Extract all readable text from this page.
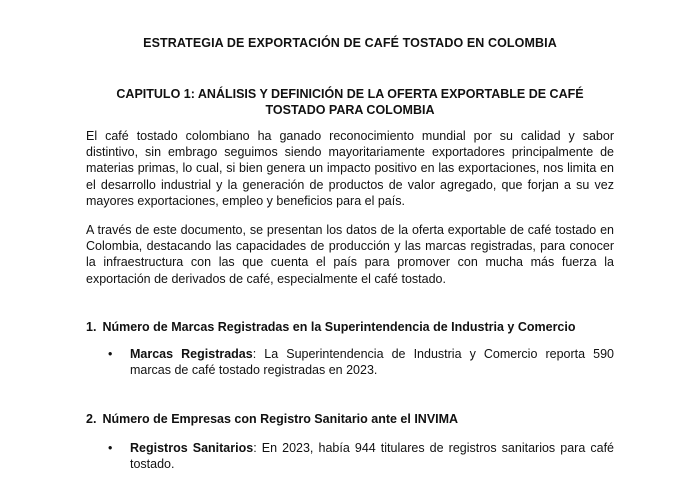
ESTRATEGIA DE EXPORTACIÓN DE CAFÉ TOSTADO EN COLOMBIA
CAPITULO 1: ANÁLISIS Y DEFINICIÓN DE LA OFERTA EXPORTABLE DE CAFÉ TOSTADO PARA COLOMBIA

El café tostado colombiano ha ganado reconocimiento mundial por su calidad y sabor distintivo, sin embrago seguimos siendo mayoritariamente exportadores principalmente de materias primas, lo cual, si bien genera un impacto positivo en las exportaciones, nos limita en el desarrollo industrial y la generación de productos de valor agregado, que forjan a su vez mayores exportaciones, empleo y beneficios para el país.

A través de este documento, se presentan los datos de la oferta exportable de café tostado en Colombia, destacando las capacidades de producción y las marcas registradas, para conocer la infraestructura con las que cuenta el país para promover con mucha más fuerza la exportación de derivados de café, especialmente el café tostado.

1. Número de Marcas Registradas en la Superintendencia de Industria y Comercio
•	Marcas Registradas: La Superintendencia de Industria y Comercio reporta 590 marcas de café tostado registradas en 2023.
2. Número de Empresas con Registro Sanitario ante el INVIMA
•	Registros Sanitarios: En 2023, había 944 titulares de registros sanitarios para café tostado.
